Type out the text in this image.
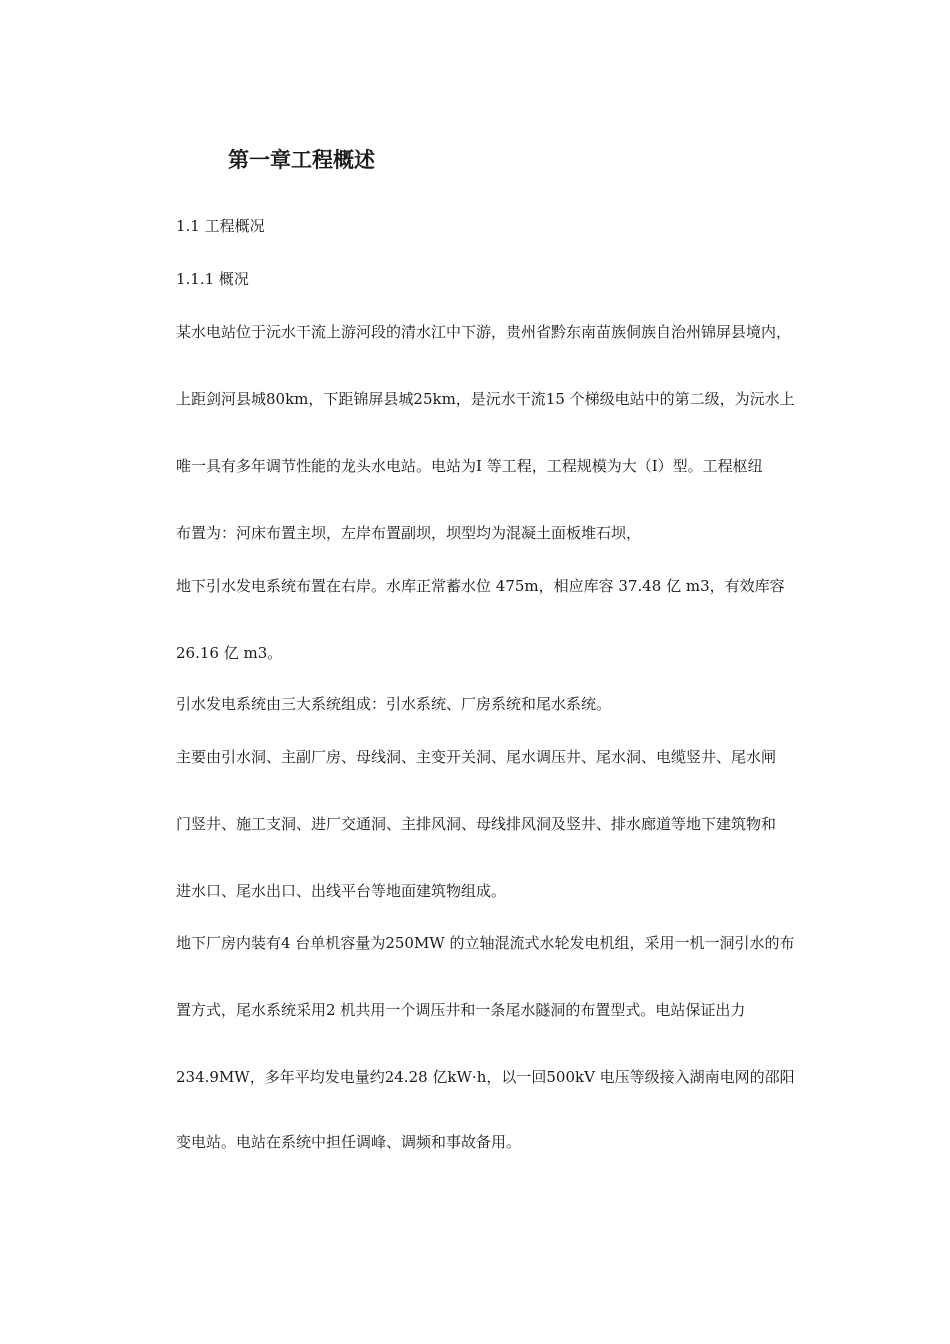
第一章工程概述
1.1 工程概况
1.1.1 概况
某水电站位于沅水干流上游河段的清水江中下游，贵州省黔东南苗族侗族自治州锦屏县境内，
上距剑河县城80km，下距锦屏县城25km，是沅水干流15 个梯级电站中的第二级，为沅水上
唯一具有多年调节性能的龙头水电站。电站为Ⅰ 等工程，工程规模为大（Ⅰ）型。工程枢纽
布置为：河床布置主坝，左岸布置副坝，坝型均为混凝土面板堆石坝，
地下引水发电系统布置在右岸。水库正常蓄水位 475m，相应库容 37.48 亿 m3，有效库容
26.16 亿 m3。
引水发电系统由三大系统组成：引水系统、厂房系统和尾水系统。
主要由引水洞、主副厂房、母线洞、主变开关洞、尾水调压井、尾水洞、电缆竖井、尾水闸
门竖井、施工支洞、进厂交通洞、主排风洞、母线排风洞及竖井、排水廊道等地下建筑物和
进水口、尾水出口、出线平台等地面建筑物组成。
地下厂房内装有4 台单机容量为250MW 的立轴混流式水轮发电机组，采用一机一洞引水的布
置方式，尾水系统采用2 机共用一个调压井和一条尾水隧洞的布置型式。电站保证出力
234.9MW，多年平均发电量约24.28 亿kW·h，以一回500kV 电压等级接入湖南电网的邵阳
变电站。电站在系统中担任调峰、调频和事故备用。
